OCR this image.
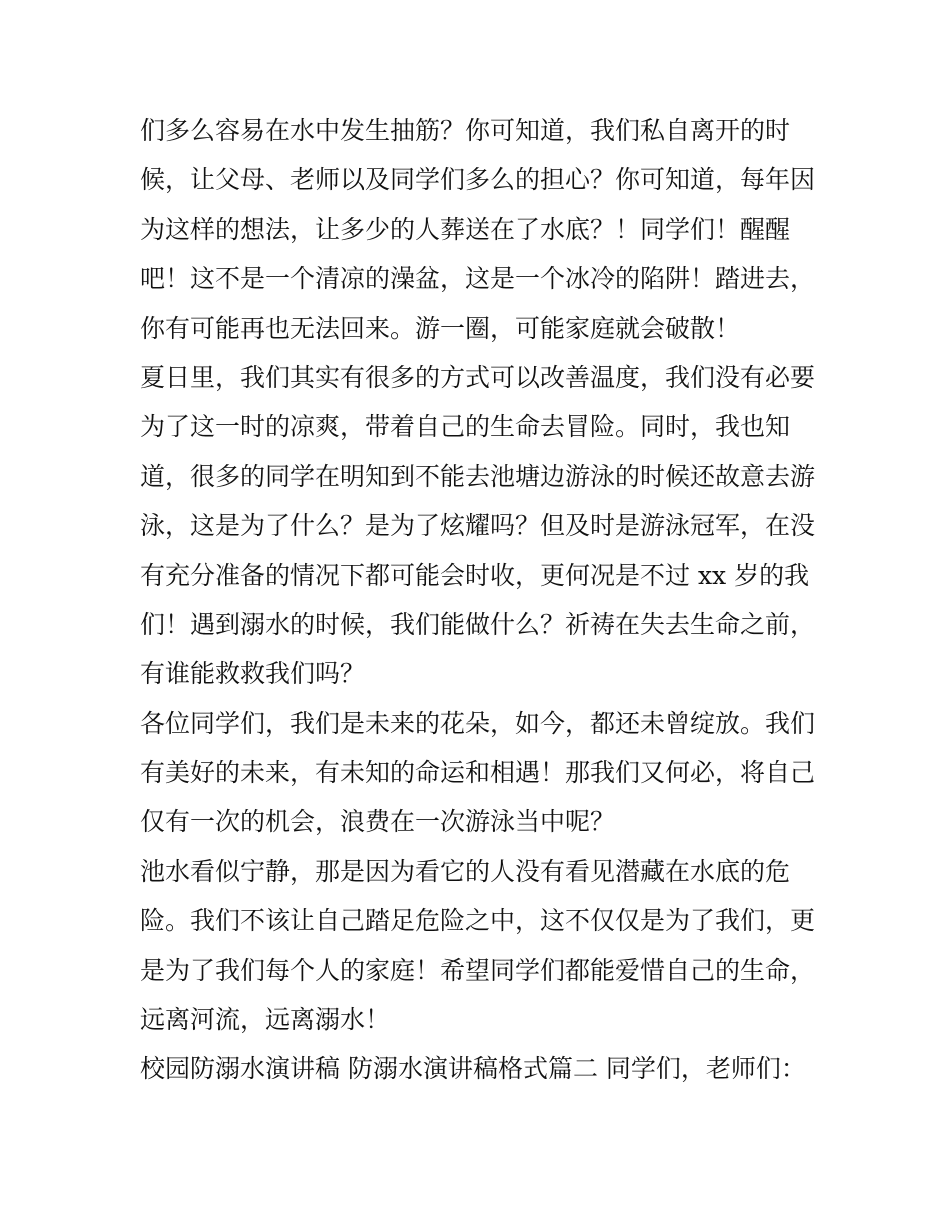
们多么容易在水中发生抽筋？你可知道，我们私自离开的时
候，让父母、老师以及同学们多么的担心？你可知道，每年因
为这样的想法，让多少的人葬送在了水底？！同学们！醒醒
吧！这不是一个清凉的澡盆，这是一个冰冷的陷阱！踏进去，
你有可能再也无法回来。游一圈，可能家庭就会破散！
夏日里，我们其实有很多的方式可以改善温度，我们没有必要
为了这一时的凉爽，带着自己的生命去冒险。同时，我也知
道，很多的同学在明知到不能去池塘边游泳的时候还故意去游
泳，这是为了什么？是为了炫耀吗？但及时是游泳冠军，在没
有充分准备的情况下都可能会时收，更何况是不过 xx 岁的我
们！遇到溺水的时候，我们能做什么？祈祷在失去生命之前，
有谁能救救我们吗？
各位同学们，我们是未来的花朵，如今，都还未曾绽放。我们
有美好的未来，有未知的命运和相遇！那我们又何必，将自己
仅有一次的机会，浪费在一次游泳当中呢？
池水看似宁静，那是因为看它的人没有看见潜藏在水底的危
险。我们不该让自己踏足危险之中，这不仅仅是为了我们，更
是为了我们每个人的家庭！希望同学们都能爱惜自己的生命，
远离河流，远离溺水！
校园防溺水演讲稿 防溺水演讲稿格式篇二 同学们，老师们：
